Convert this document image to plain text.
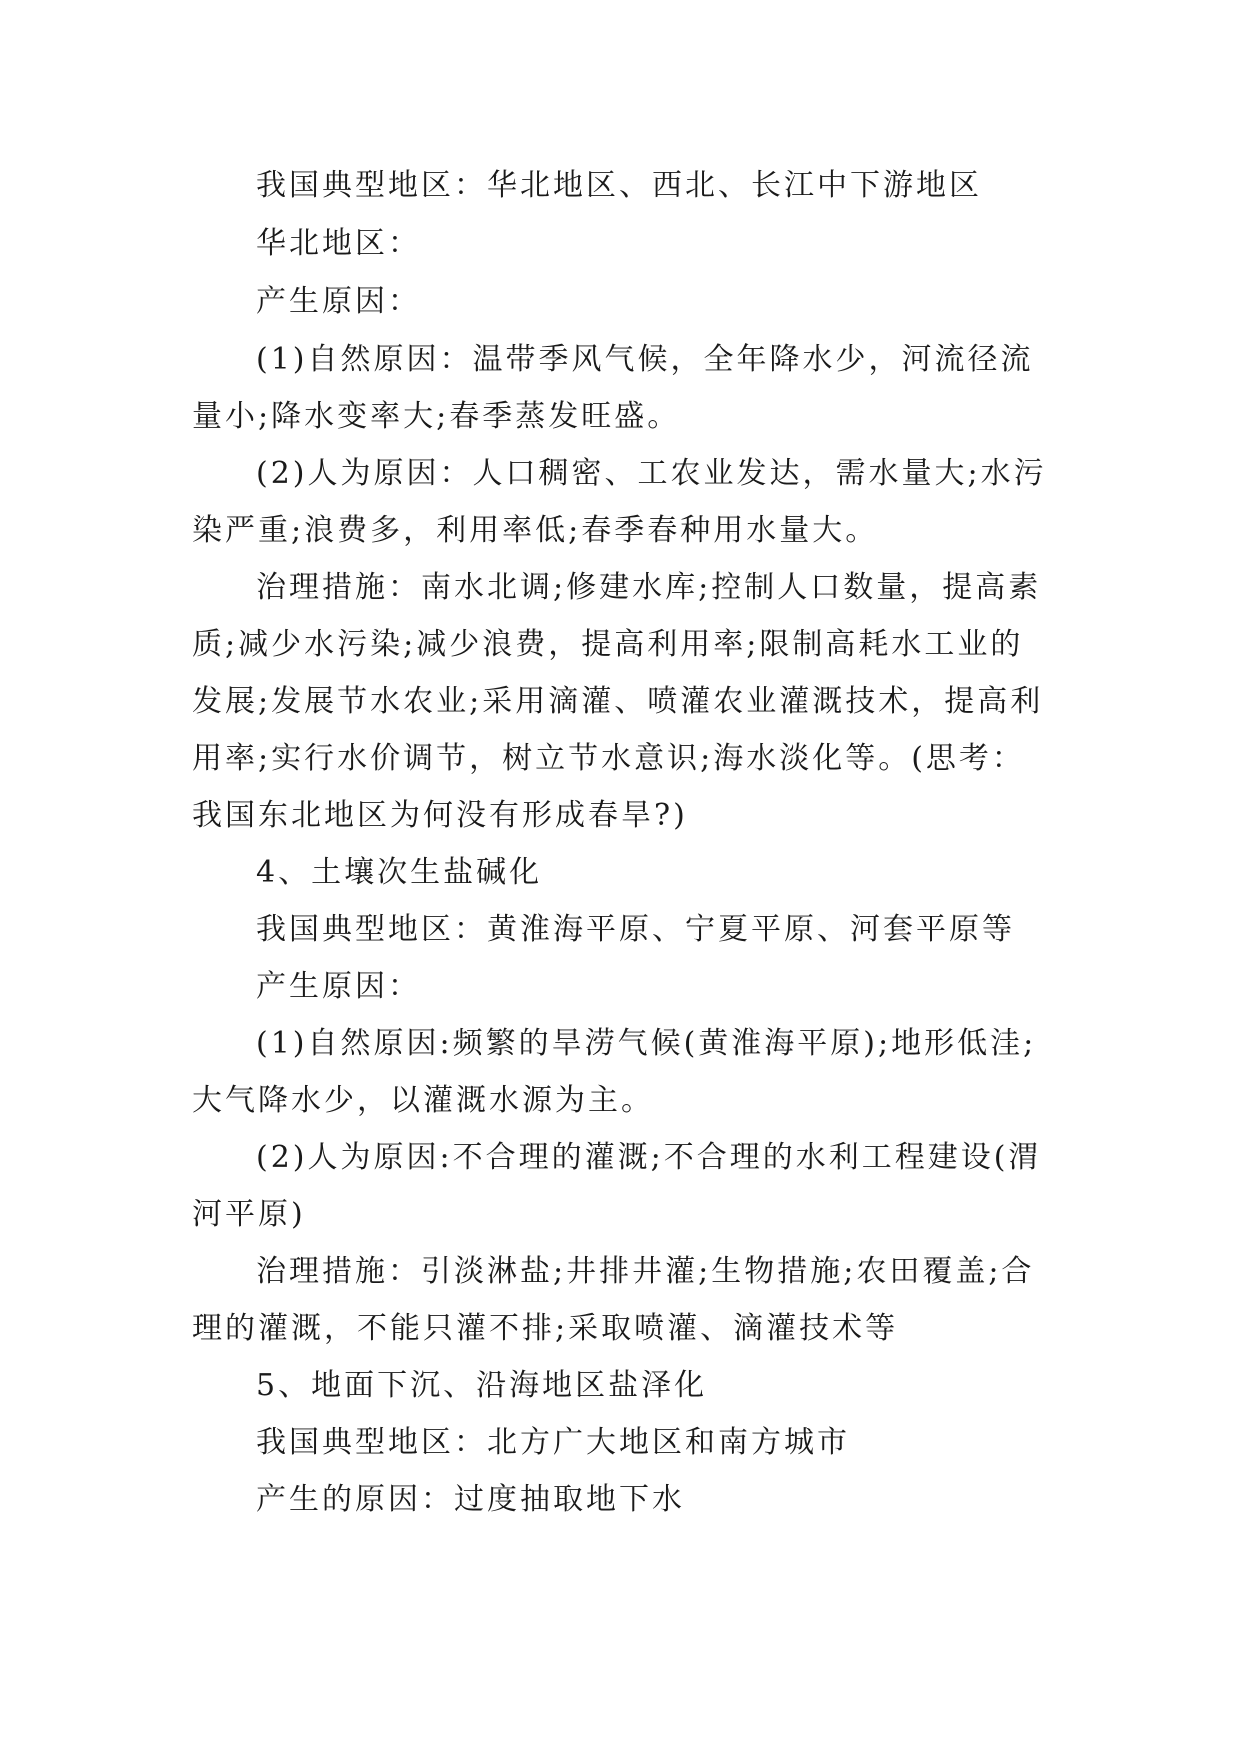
我国典型地区：华北地区、西北、长江中下游地区
华北地区：
产生原因：
(1)自然原因：温带季风气候，全年降水少，河流径流
量小;降水变率大;春季蒸发旺盛。
(2)人为原因：人口稠密、工农业发达，需水量大;水污
染严重;浪费多，利用率低;春季春种用水量大。
治理措施：南水北调;修建水库;控制人口数量，提高素
质;减少水污染;减少浪费，提高利用率;限制高耗水工业的
发展;发展节水农业;采用滴灌、喷灌农业灌溉技术，提高利
用率;实行水价调节，树立节水意识;海水淡化等。(思考：
我国东北地区为何没有形成春旱?)
4、土壤次生盐碱化
我国典型地区：黄淮海平原、宁夏平原、河套平原等
产生原因：
(1)自然原因:频繁的旱涝气候(黄淮海平原);地形低洼;
大气降水少，以灌溉水源为主。
(2)人为原因:不合理的灌溉;不合理的水利工程建设(渭
河平原)
治理措施：引淡淋盐;井排井灌;生物措施;农田覆盖;合
理的灌溉，不能只灌不排;采取喷灌、滴灌技术等
5、地面下沉、沿海地区盐泽化
我国典型地区：北方广大地区和南方城市
产生的原因：过度抽取地下水
